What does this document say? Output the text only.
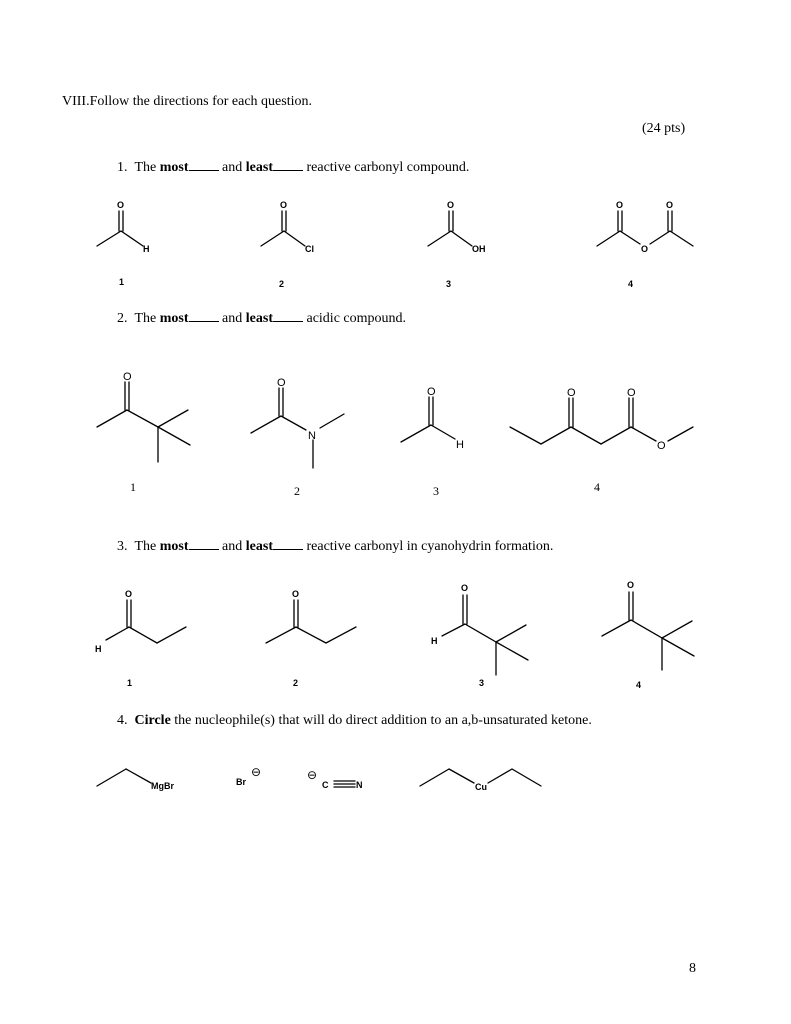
VIII.Follow the directions for each question.
(24 pts)
1. The most and least reactive carbonyl compound.
2. The most and least acidic compound.
3. The most and least reactive carbonyl in cyanohydrin formation.
4. Circle the nucleophile(s) that will do direct addition to an a,b-unsaturated ketone.
O
H
O
Cl
O
OH
O	O
O
H
O	O
H
O	O
MgBr	Br	C	N	Cu
O	O
N
O
H
O	O
O
⊖	⊖
1	2	3	4
1	2	3	4
1	2	3	4
8
